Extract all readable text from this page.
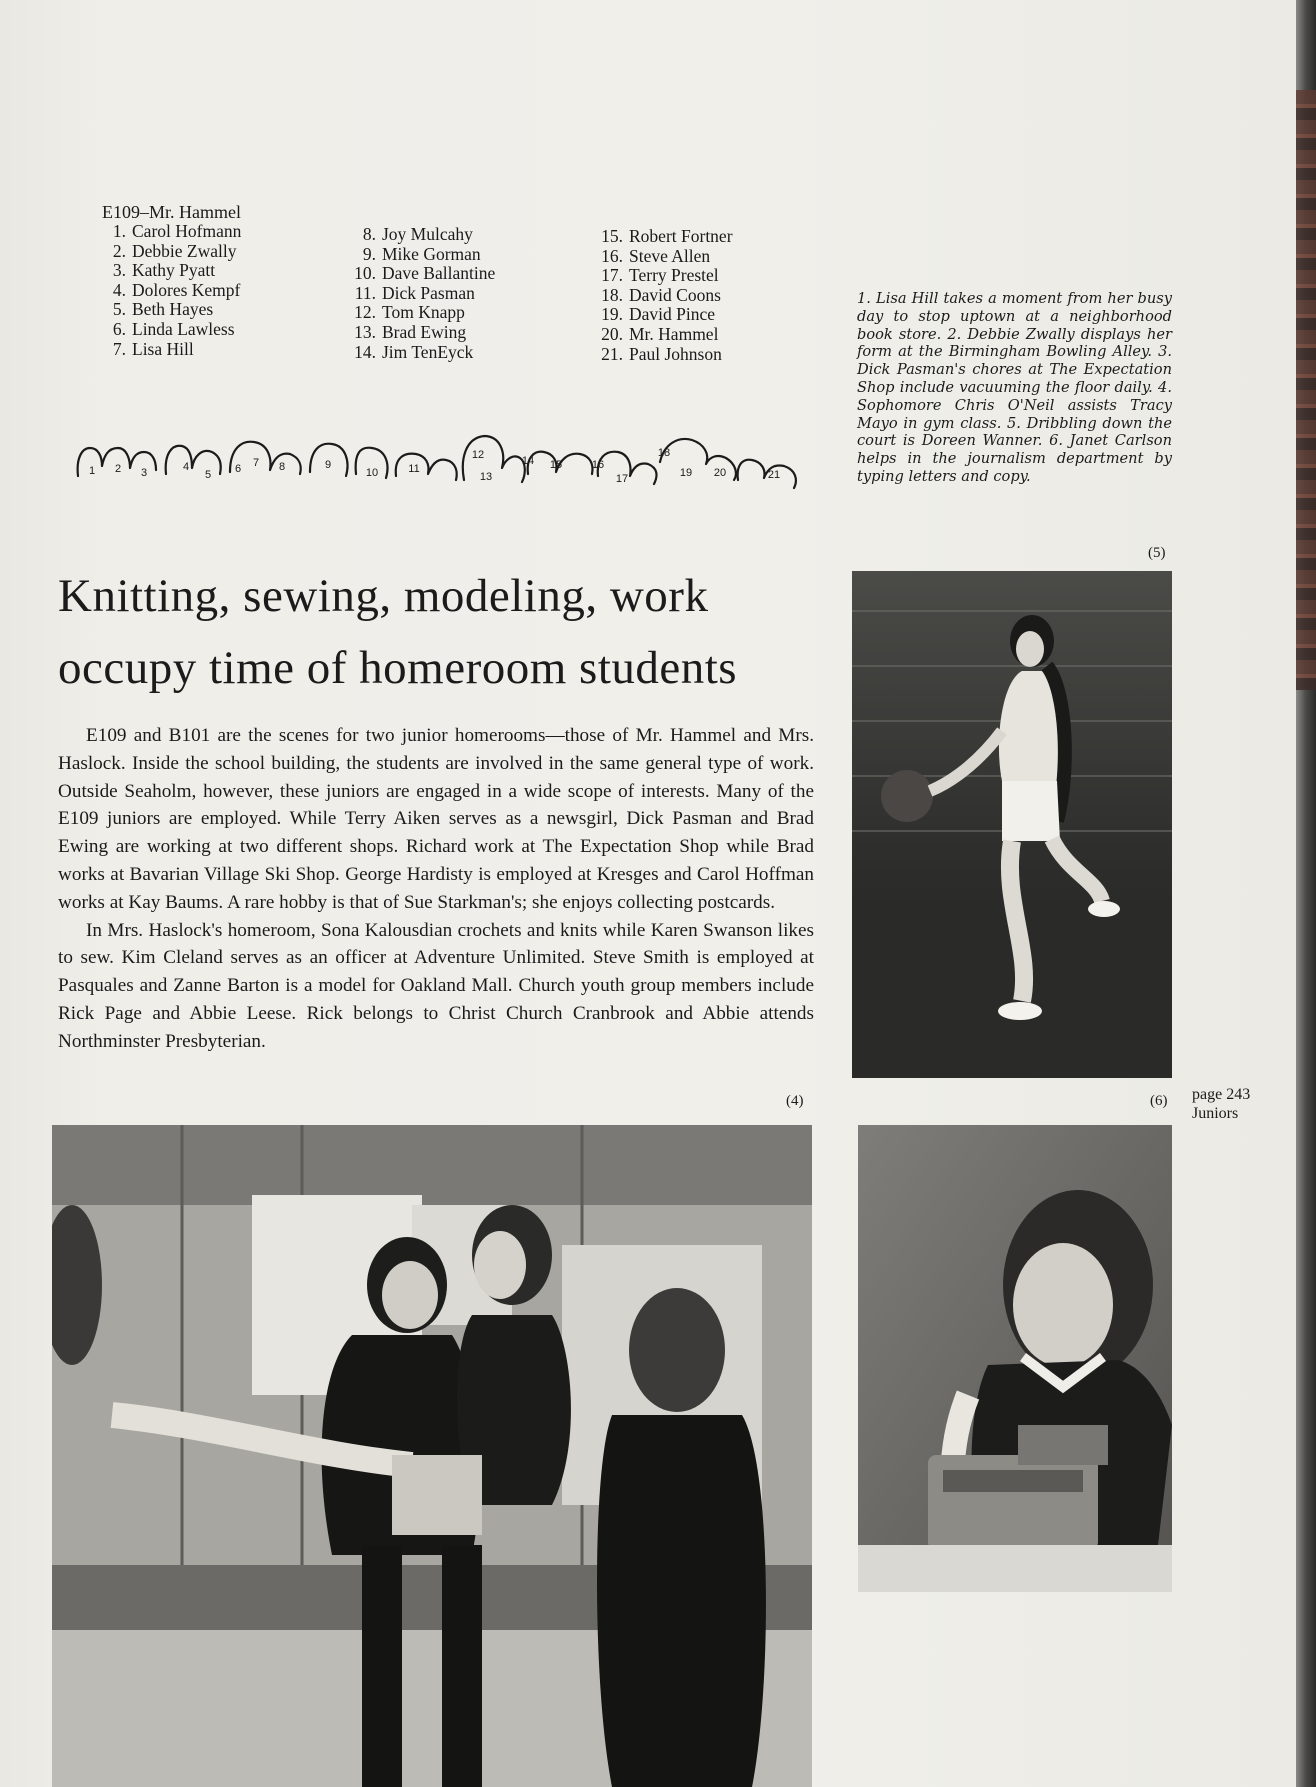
E109–Mr. Hammel
1. Carol Hofmann
2. Debbie Zwally
3. Kathy Pyatt
4. Dolores Kempf
5. Beth Hayes
6. Linda Lawless
7. Lisa Hill
8. Joy Mulcahy
9. Mike Gorman
10. Dave Ballantine
11. Dick Pasman
12. Tom Knapp
13. Brad Ewing
14. Jim TenEyck
15. Robert Fortner
16. Steve Allen
17. Terry Prestel
18. David Coons
19. David Pince
20. Mr. Hammel
21. Paul Johnson
1. Lisa Hill takes a moment from her busy day to stop uptown at a neighborhood book store. 2. Debbie Zwally displays her form at the Birmingham Bowling Alley. 3. Dick Pasman's chores at The Expectation Shop include vacuuming the floor daily. 4. Sophomore Chris O'Neil assists Tracy Mayo in gym class. 5. Dribbling down the court is Doreen Wanner. 6. Janet Carlson helps in the journalism department by typing letters and copy.
1 2 3	4
5 6 7 8	9
10	11
12
13
14 15	16
17
18
19 20	21
Knitting, sewing, modeling, work
occupy time of homeroom students

E109 and B101 are the scenes for two junior homerooms—those of Mr. Hammel and Mrs. Haslock. Inside the school building, the students are involved in the same general type of work. Outside Seaholm, however, these juniors are engaged in a wide scope of interests. Many of the E109 juniors are employed. While Terry Aiken serves as a newsgirl, Dick Pasman and Brad Ewing are working at two different shops. Richard work at The Expectation Shop while Brad works at Bavarian Village Ski Shop. George Hardisty is employed at Kresges and Carol Hoffman works at Kay Baums. A rare hobby is that of Sue Starkman's; she enjoys collecting postcards.

In Mrs. Haslock's homeroom, Sona Kalousdian crochets and knits while Karen Swanson likes to sew. Kim Cleland serves as an officer at Adventure Unlimited. Steve Smith is employed at Pasquales and Zanne Barton is a model for Oakland Mall. Church youth group members include Rick Page and Abbie Leese. Rick belongs to Christ Church Cranbrook and Abbie attends Northminster Presbyterian.

(5)
(4)	(6) page 243
Juniors
